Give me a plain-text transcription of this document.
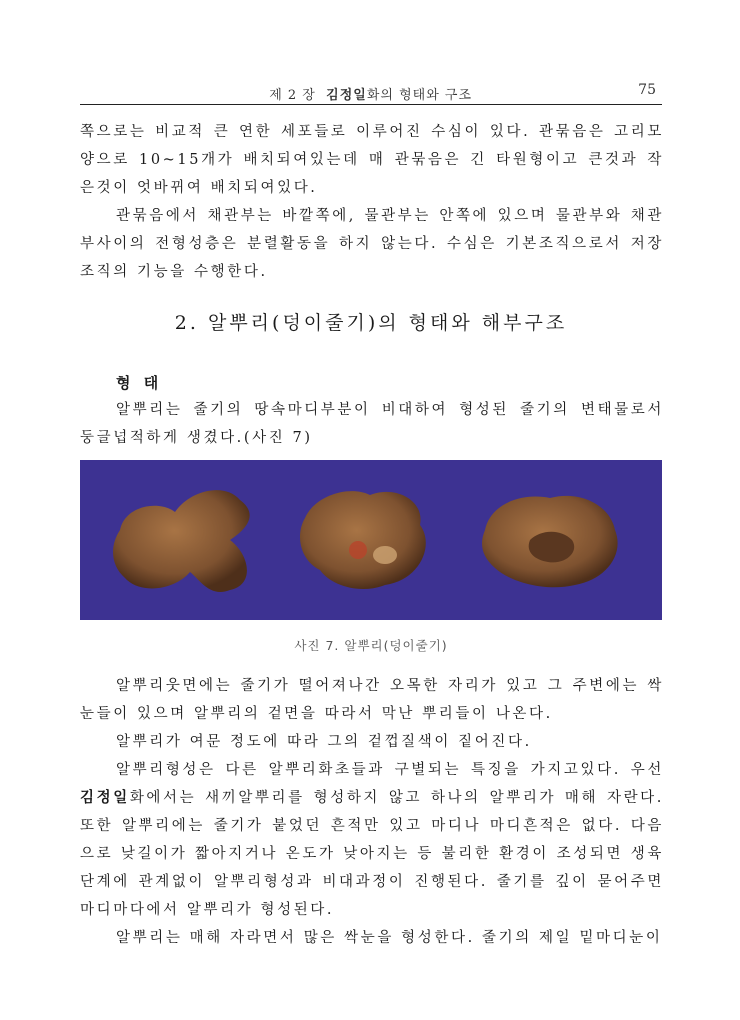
제 2 장 김정일화의 형태와 구조	75

쪽으로는 비교적 큰 연한 세포들로 이루어진 수심이 있다. 관묶음은 고리모양으로 10~15개가 배치되여있는데 매 관묶음은 긴 타원형이고 큰것과 작은것이 엇바뀌여 배치되여있다.

관묶음에서 채관부는 바깥쪽에, 물관부는 안쪽에 있으며 물관부와 채관부사이의 전형성층은 분렬활동을 하지 않는다. 수심은 기본조직으로서 저장조직의 기능을 수행한다.

2. 알뿌리(덩이줄기)의 형태와 해부구조
형 태

알뿌리는 줄기의 땅속마디부분이 비대하여 형성된 줄기의 변태물로서 둥글넙적하게 생겼다.(사진 7)

사진 7. 알뿌리(덩이줄기)

알뿌리웃면에는 줄기가 떨어져나간 오목한 자리가 있고 그 주변에는 싹눈들이 있으며 알뿌리의 겉면을 따라서 막난 뿌리들이 나온다.

알뿌리가 여문 정도에 따라 그의 겉껍질색이 짙어진다.

알뿌리형성은 다른 알뿌리화초들과 구별되는 특징을 가지고있다. 우선 김정일화에서는 새끼알뿌리를 형성하지 않고 하나의 알뿌리가 매해 자란다. 또한 알뿌리에는 줄기가 붙었던 흔적만 있고 마디나 마디흔적은 없다. 다음으로 낮길이가 짧아지거나 온도가 낮아지는 등 불리한 환경이 조성되면 생육단계에 관계없이 알뿌리형성과 비대과정이 진행된다. 줄기를 깊이 묻어주면 마디마다에서 알뿌리가 형성된다.

알뿌리는 매해 자라면서 많은 싹눈을 형성한다. 줄기의 제일 밑마디눈이
